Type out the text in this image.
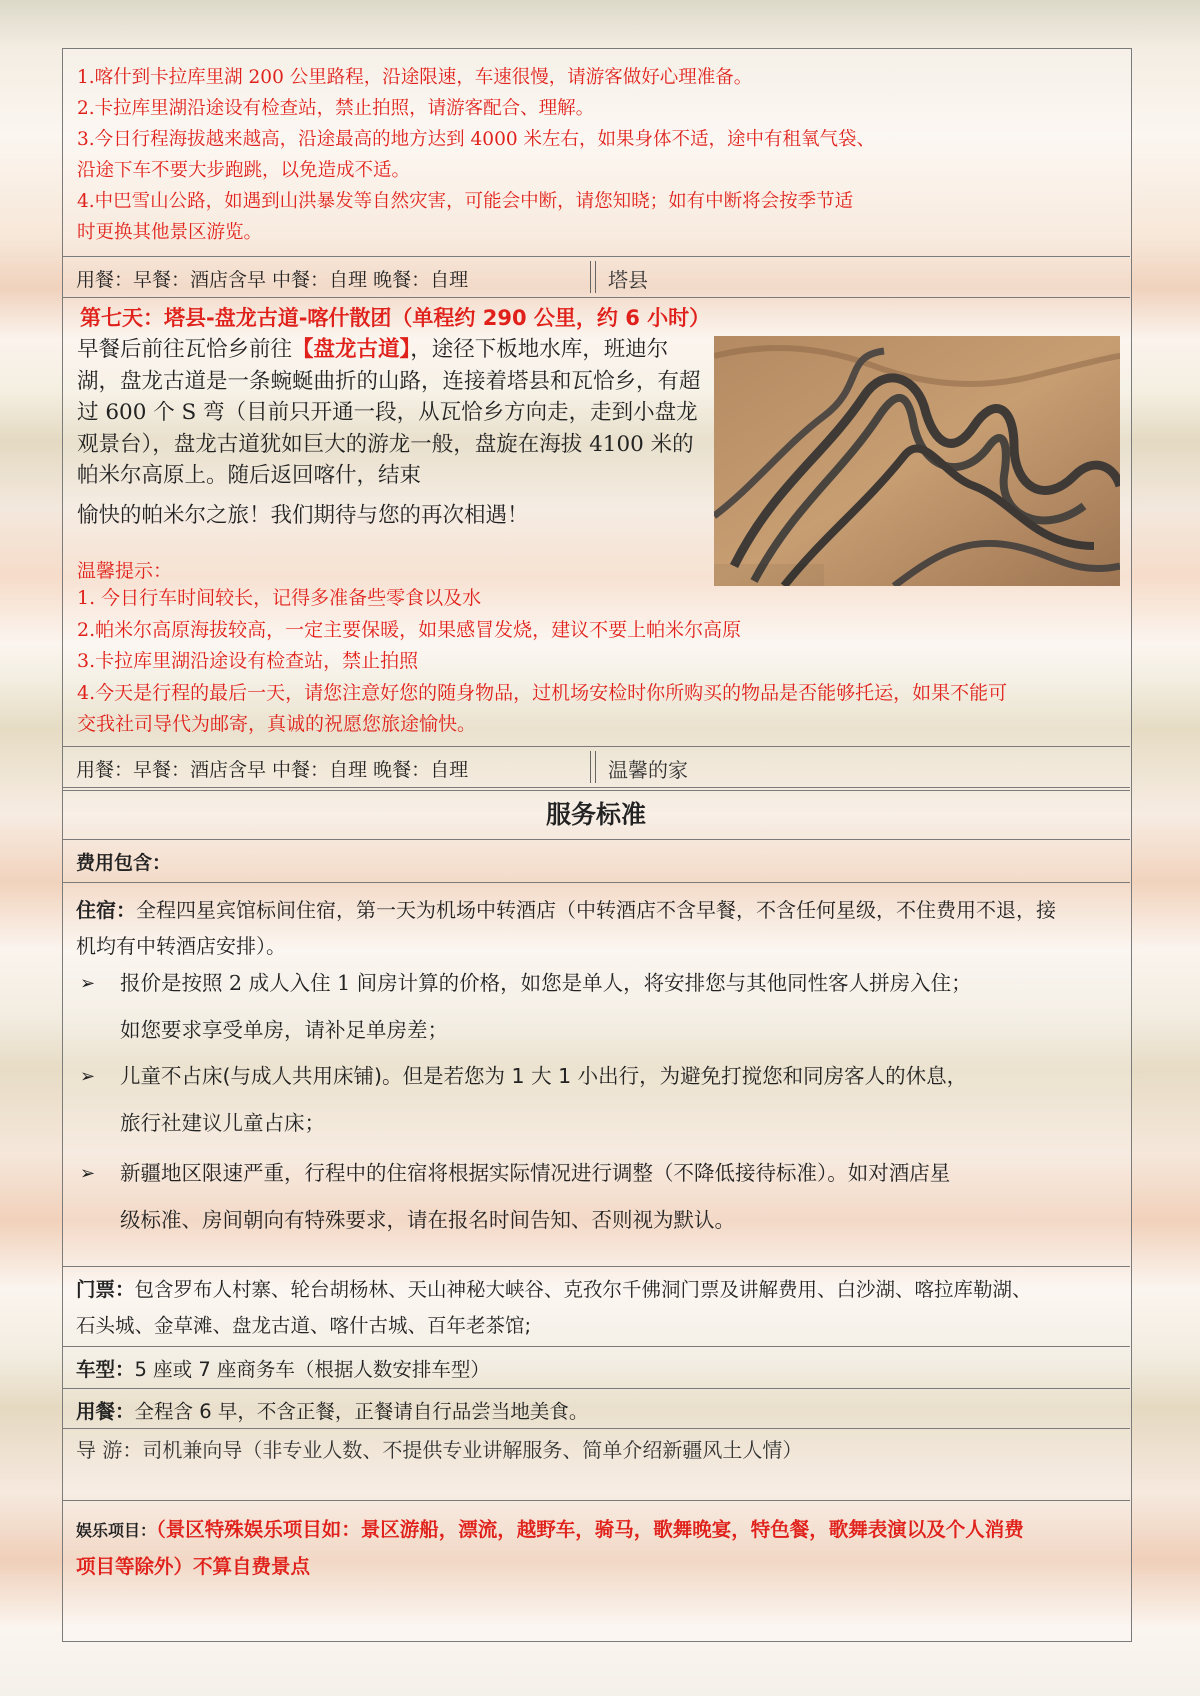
1.喀什到卡拉库里湖 200 公里路程，沿途限速，车速很慢，请游客做好心理准备。
2.卡拉库里湖沿途设有检查站，禁止拍照，请游客配合、理解。
3.今日行程海拔越来越高，沿途最高的地方达到 4000 米左右，如果身体不适，途中有租氧气袋、
沿途下车不要大步跑跳，以免造成不适。
4.中巴雪山公路，如遇到山洪暴发等自然灾害，可能会中断，请您知晓；如有中断将会按季节适
时更换其他景区游览。
用餐：早餐：酒店含早 中餐：自理 晚餐：自理	塔县
第七天：塔县-盘龙古道-喀什散团（单程约 290 公里，约 6 小时）
早餐后前往瓦恰乡前往【盘龙古道】，途径下板地水库，班迪尔湖，盘龙古道是一条蜿蜒曲折的山路，连接着塔县和瓦恰乡，有超过 600 个 S 弯（目前只开通一段，从瓦恰乡方向走，走到小盘龙观景台），盘龙古道犹如巨大的游龙一般，盘旋在海拔 4100 米的帕米尔高原上。随后返回喀什，结束
愉快的帕米尔之旅！我们期待与您的再次相遇！
温馨提示：
1. 今日行车时间较长，记得多准备些零食以及水
2.帕米尔高原海拔较高，一定主要保暖，如果感冒发烧，建议不要上帕米尔高原
3.卡拉库里湖沿途设有检查站，禁止拍照
4.今天是行程的最后一天，请您注意好您的随身物品，过机场安检时你所购买的物品是否能够托运，如果不能可
交我社司导代为邮寄，真诚的祝愿您旅途愉快。
用餐：早餐：酒店含早 中餐：自理 晚餐：自理	温馨的家
服务标准
费用包含：
住宿：全程四星宾馆标间住宿，第一天为机场中转酒店（中转酒店不含早餐，不含任何星级，不住费用不退，接
机均有中转酒店安排）。
➢ 报价是按照 2 成人入住 1 间房计算的价格，如您是单人，将安排您与其他同性客人拼房入住；
如您要求享受单房，请补足单房差；
➢ 儿童不占床(与成人共用床铺)。但是若您为 1 大 1 小出行，为避免打搅您和同房客人的休息，
旅行社建议儿童占床；
➢ 新疆地区限速严重，行程中的住宿将根据实际情况进行调整（不降低接待标准）。如对酒店星
级标准、房间朝向有特殊要求，请在报名时间告知、否则视为默认。
门票：包含罗布人村寨、轮台胡杨林、天山神秘大峡谷、克孜尔千佛洞门票及讲解费用、白沙湖、喀拉库勒湖、
石头城、金草滩、盘龙古道、喀什古城、百年老茶馆;
车型：5 座或 7 座商务车（根据人数安排车型）
用餐：全程含 6 早，不含正餐，正餐请自行品尝当地美食。
导 游：司机兼向导（非专业人数、不提供专业讲解服务、简单介绍新疆风土人情）
娱乐项目：（景区特殊娱乐项目如：景区游船，漂流，越野车，骑马，歌舞晚宴，特色餐，歌舞表演以及个人消费
项目等除外）不算自费景点
